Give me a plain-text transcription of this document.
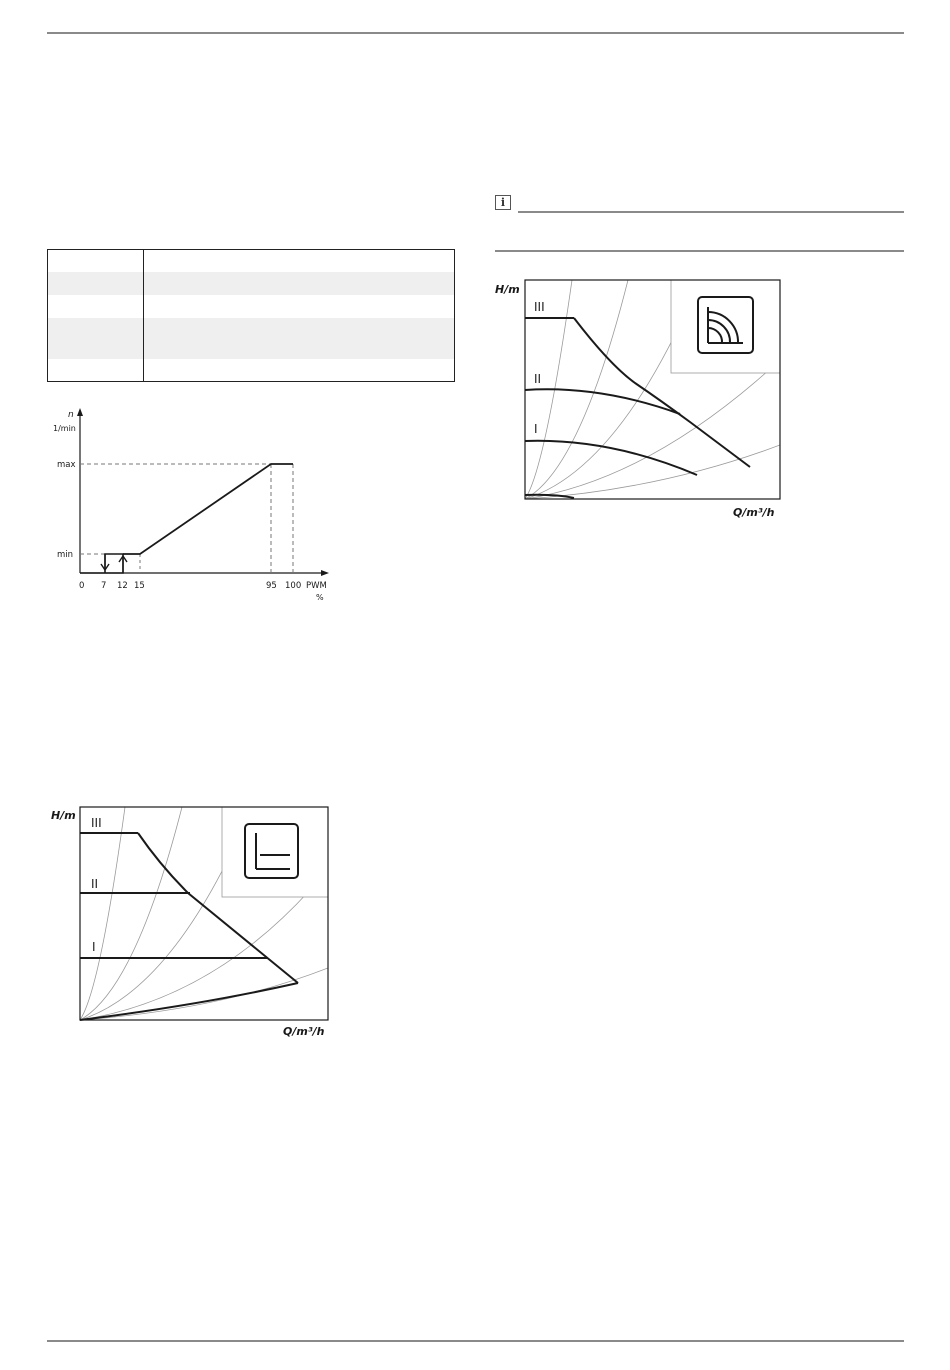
i
n
1/min
max
min
0 7 12 15	95 100 PWM
%
III
II
I
H/m
Q/m³/h
III
II
I
H/m
Q/m³/h
